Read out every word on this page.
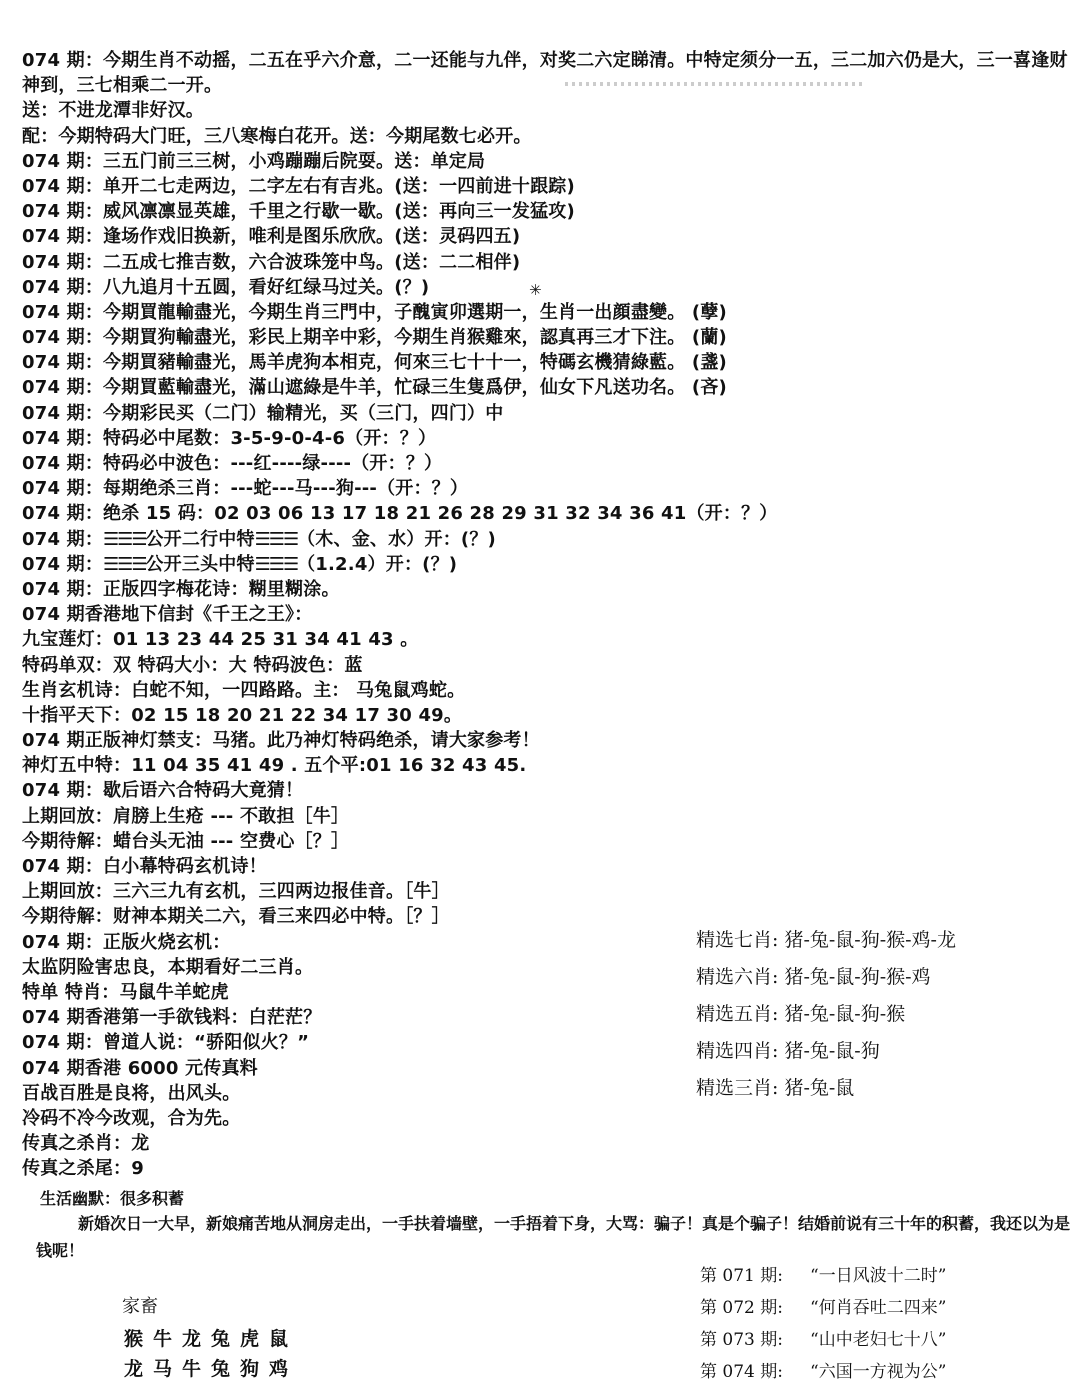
074 期：今期生肖不动摇，二五在乎六介意，二一还能与九伴，对奖二六定睇清。中特定须分一五，三二加六仍是大，三一喜逢财神到，三七相乘二一开。
送：不进龙潭非好汉。
配：今期特码大门旺，三八寒梅白花开。送：今期尾数七必开。
074 期：三五门前三三树，小鸡蹦蹦后院耍。送：单定局
074 期：单开二七走两边，二字左右有吉兆。(送：一四前进十跟踪)
074 期：威风凛凛显英雄，千里之行歇一歇。(送：再向三一发猛攻)
074 期：逢场作戏旧换新，唯利是图乐欣欣。(送：灵码四五)
074 期：二五成七推吉数，六合波珠笼中鸟。(送：二二相伴)
074 期：八九追月十五圆，看好红绿马过关。(？)
074 期：今期買龍輸盡光，今期生肖三門中，子醜寅卯選期一，生肖一出顔盡變。 (孽)
074 期：今期買狗輸盡光，彩民上期辛中彩，今期生肖猴雞來，認真再三才下注。 (蘭)
074 期：今期買豬輸盡光，馬羊虎狗本相克，何來三七十十一，特碼玄機猜綠藍。 (盞)
074 期：今期買藍輸盡光，滿山遮綠是牛羊，忙碌三生隻爲伊，仙女下凡送功名。 (吝)
074 期：今期彩民买（二门）输精光，买（三门，四门）中
074 期：特码必中尾数：3-5-9-0-4-6（开：？）
074 期：特码必中波色：---红----绿----（开：？）
074 期：每期绝杀三肖：---蛇---马---狗---（开：？）
074 期：绝杀 15 码：02 03 06 13 17 18 21 26 28 29 31 32 34 36 41（开：？）
074 期：☰☰☰公开二行中特☰☰☰（木、金、水）开：(？)
074 期：☰☰☰公开三头中特☰☰☰（1.2.4）开：(？)
074 期：正版四字梅花诗：糊里糊涂。
074 期香港地下信封《千王之王》：
九宝莲灯：01 13 23 44 25 31 34 41 43 。
特码单双：双 特码大小：大 特码波色：蓝
生肖玄机诗：白蛇不知，一四路路。主： 马兔鼠鸡蛇。
十指平天下：02 15 18 20 21 22 34 17 30 49。
074 期正版神灯禁支：马猪。此乃神灯特码绝杀，请大家参考！
神灯五中特：11 04 35 41 49 . 五个平:01 16 32 43 45.
074 期：歇后语六合特码大竟猜！
上期回放：肩膀上生疮 --- 不敢担［牛］
今期待解：蜡台头无油 --- 空费心［？］
074 期：白小幕特码玄机诗！
上期回放：三六三九有玄机，三四两边报佳音。［牛］
今期待解：财神本期关二六，看三来四必中特。［？］
074 期：正版火烧玄机：
太监阴险害忠良，本期看好二三肖。
特单 特肖：马鼠牛羊蛇虎
074 期香港第一手欲钱料：白茫茫？
074 期：曾道人说：“骄阳似火？”
074 期香港 6000 元传真料
百战百胜是良将，出风头。
冷码不冷今改观，合为先。
传真之杀肖：龙
传真之杀尾：9
✳
生活幽默：很多积蓄
新婚次日一大早，新娘痛苦地从洞房走出，一手扶着墙壁，一手捂着下身，大骂：骗子！真是个骗子！结婚前说有三十年的积蓄，我还以为是钱呢！
精选七肖: 猪-兔-鼠-狗-猴-鸡-龙
精选六肖: 猪-兔-鼠-狗-猴-鸡
精选五肖: 猪-兔-鼠-狗-猴
精选四肖: 猪-兔-鼠-狗
精选三肖: 猪-兔-鼠
家畜
猴牛龙兔虎鼠
龙马牛兔狗鸡
第 071 期: “一日风波十二时”
第 072 期: “何肖吞吐二四来”
第 073 期: “山中老妇七十八”
第 074 期: “六国一方视为公”
